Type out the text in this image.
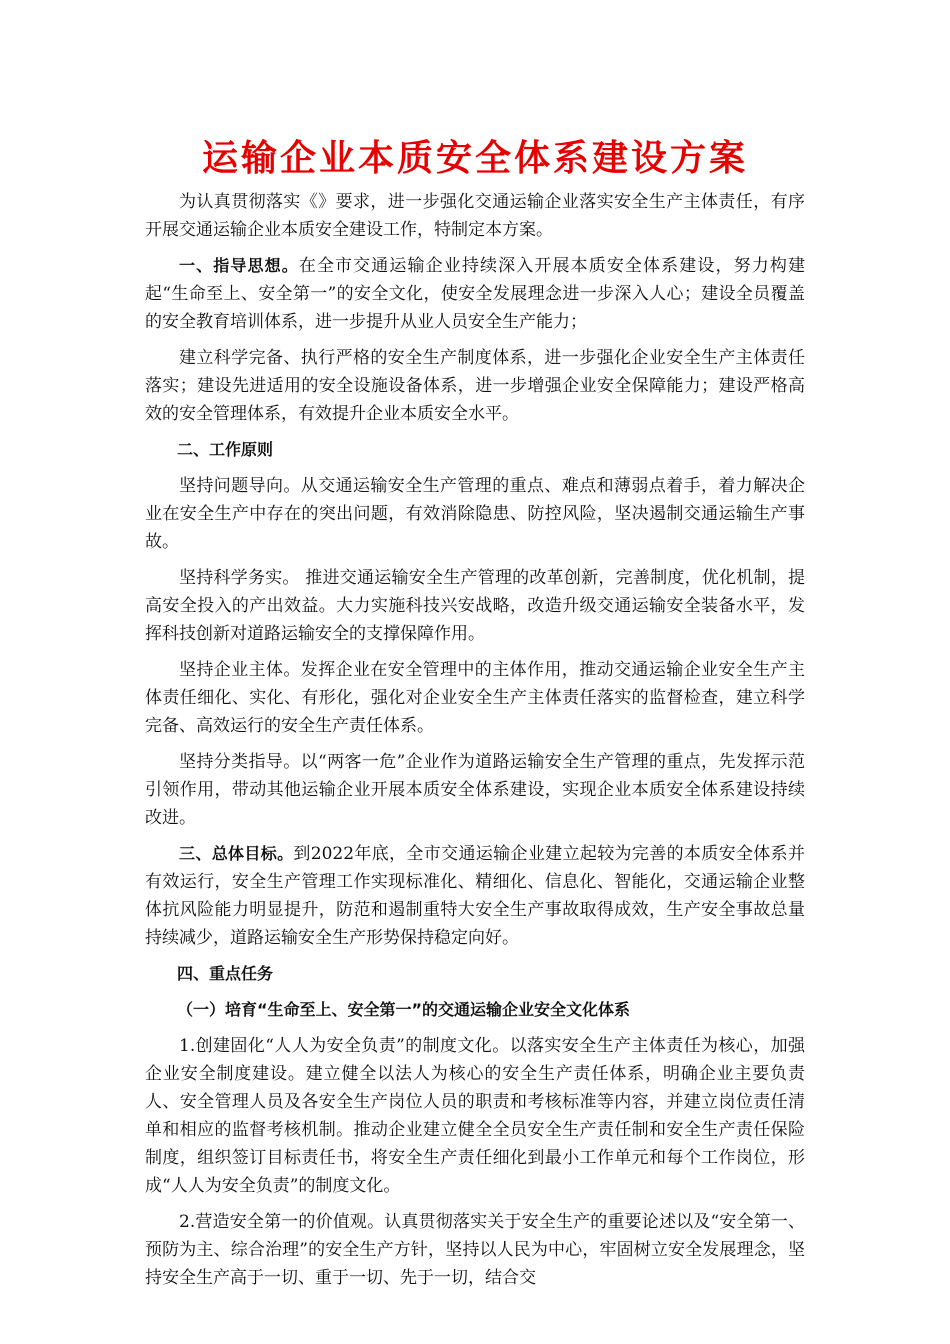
运输企业本质安全体系建设方案

为认真贯彻落实《》要求，进一步强化交通运输企业落实安全生产主体责任，有序开展交通运输企业本质安全建设工作，特制定本方案。

一、指导思想。在全市交通运输企业持续深入开展本质安全体系建设，努力构建起“生命至上、安全第一”的安全文化，使安全发展理念进一步深入人心；建设全员覆盖的安全教育培训体系，进一步提升从业人员安全生产能力；

建立科学完备、执行严格的安全生产制度体系，进一步强化企业安全生产主体责任落实；建设先进适用的安全设施设备体系，进一步增强企业安全保障能力；建设严格高效的安全管理体系，有效提升企业本质安全水平。

二、工作原则

坚持问题导向。从交通运输安全生产管理的重点、难点和薄弱点着手，着力解决企业在安全生产中存在的突出问题，有效消除隐患、防控风险，坚决遏制交通运输生产事故。

坚持科学务实。 推进交通运输安全生产管理的改革创新，完善制度，优化机制，提高安全投入的产出效益。大力实施科技兴安战略，改造升级交通运输安全装备水平，发挥科技创新对道路运输安全的支撑保障作用。

坚持企业主体。发挥企业在安全管理中的主体作用，推动交通运输企业安全生产主体责任细化、实化、有形化，强化对企业安全生产主体责任落实的监督检查，建立科学完备、高效运行的安全生产责任体系。

坚持分类指导。以“两客一危”企业作为道路运输安全生产管理的重点，先发挥示范引领作用，带动其他运输企业开展本质安全体系建设，实现企业本质安全体系建设持续改进。

三、总体目标。到2022年底，全市交通运输企业建立起较为完善的本质安全体系并有效运行，安全生产管理工作实现标准化、精细化、信息化、智能化，交通运输企业整体抗风险能力明显提升，防范和遏制重特大安全生产事故取得成效，生产安全事故总量持续减少，道路运输安全生产形势保持稳定向好。

四、重点任务

（一）培育“生命至上、安全第一”的交通运输企业安全文化体系

1.创建固化“人人为安全负责”的制度文化。以落实安全生产主体责任为核心，加强企业安全制度建设。建立健全以法人为核心的安全生产责任体系，明确企业主要负责人、安全管理人员及各安全生产岗位人员的职责和考核标准等内容，并建立岗位责任清单和相应的监督考核机制。推动企业建立健全全员安全生产责任制和安全生产责任保险制度，组织签订目标责任书，将安全生产责任细化到最小工作单元和每个工作岗位，形成“人人为安全负责”的制度文化。

2.营造安全第一的价值观。认真贯彻落实关于安全生产的重要论述以及“安全第一、预防为主、综合治理”的安全生产方针，坚持以人民为中心，牢固树立安全发展理念，坚持安全生产高于一切、重于一切、先于一切，结合交
